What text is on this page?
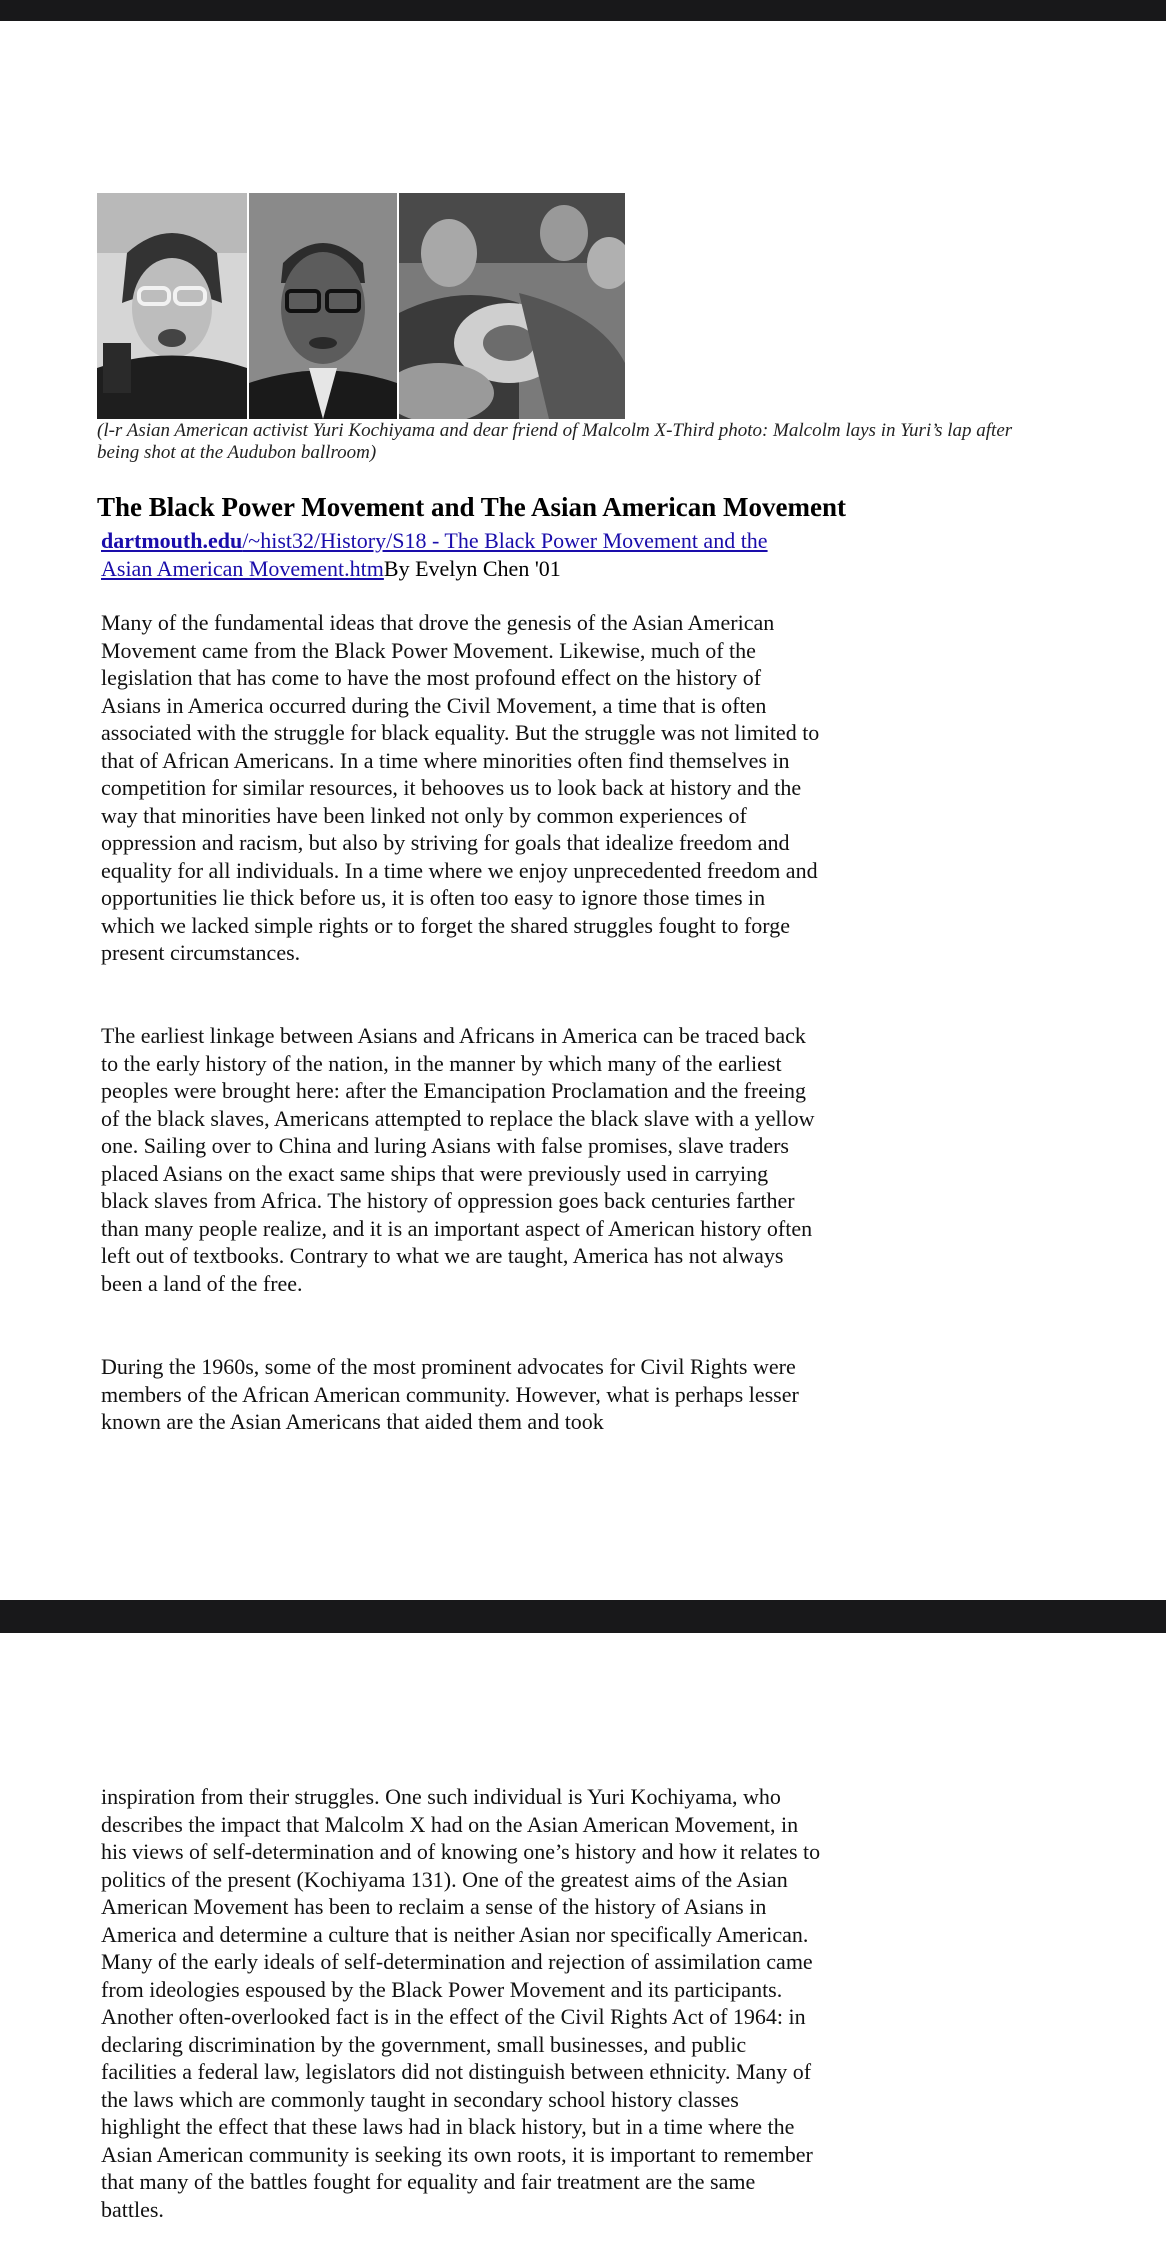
(l-r Asian American activist Yuri Kochiyama and dear friend of Malcolm X-Third photo: Malcolm lays in Yuri’s lap after being shot at the Audubon ballroom)
The Black Power Movement and The Asian American Movement
dartmouth.edu/~hist32/History/S18 - The Black Power Movement and the Asian American Movement.htmBy Evelyn Chen '01

Many of the fundamental ideas that drove the genesis of the Asian American Movement came from the Black Power Movement. Likewise, much of the legislation that has come to have the most profound effect on the history of Asians in America occurred during the Civil Movement, a time that is often associated with the struggle for black equality. But the struggle was not limited to that of African Americans. In a time where minorities often find themselves in competition for similar resources, it behooves us to look back at history and the way that minorities have been linked not only by common experiences of oppression and racism, but also by striving for goals that idealize freedom and equality for all individuals. In a time where we enjoy unprecedented freedom and opportunities lie thick before us, it is often too easy to ignore those times in which we lacked simple rights or to forget the shared struggles fought to forge present circumstances.

The earliest linkage between Asians and Africans in America can be traced back to the early history of the nation, in the manner by which many of the earliest peoples were brought here: after the Emancipation Proclamation and the freeing of the black slaves, Americans attempted to replace the black slave with a yellow one. Sailing over to China and luring Asians with false promises, slave traders placed Asians on the exact same ships that were previously used in carrying black slaves from Africa. The history of oppression goes back centuries farther than many people realize, and it is an important aspect of American history often left out of textbooks. Contrary to what we are taught, America has not always been a land of the free.

During the 1960s, some of the most prominent advocates for Civil Rights were members of the African American community. However, what is perhaps lesser known are the Asian Americans that aided them and took

inspiration from their struggles. One such individual is Yuri Kochiyama, who describes the impact that Malcolm X had on the Asian American Movement, in his views of self-determination and of knowing one’s history and how it relates to politics of the present (Kochiyama 131). One of the greatest aims of the Asian American Movement has been to reclaim a sense of the history of Asians in America and determine a culture that is neither Asian nor specifically American. Many of the early ideals of self-determination and rejection of assimilation came from ideologies espoused by the Black Power Movement and its participants. Another often-overlooked fact is in the effect of the Civil Rights Act of 1964: in declaring discrimination by the government, small businesses, and public facilities a federal law, legislators did not distinguish between ethnicity. Many of the laws which are commonly taught in secondary school history classes highlight the effect that these laws had in black history, but in a time where the Asian American community is seeking its own roots, it is important to remember that many of the battles fought for equality and fair treatment are the same battles.
